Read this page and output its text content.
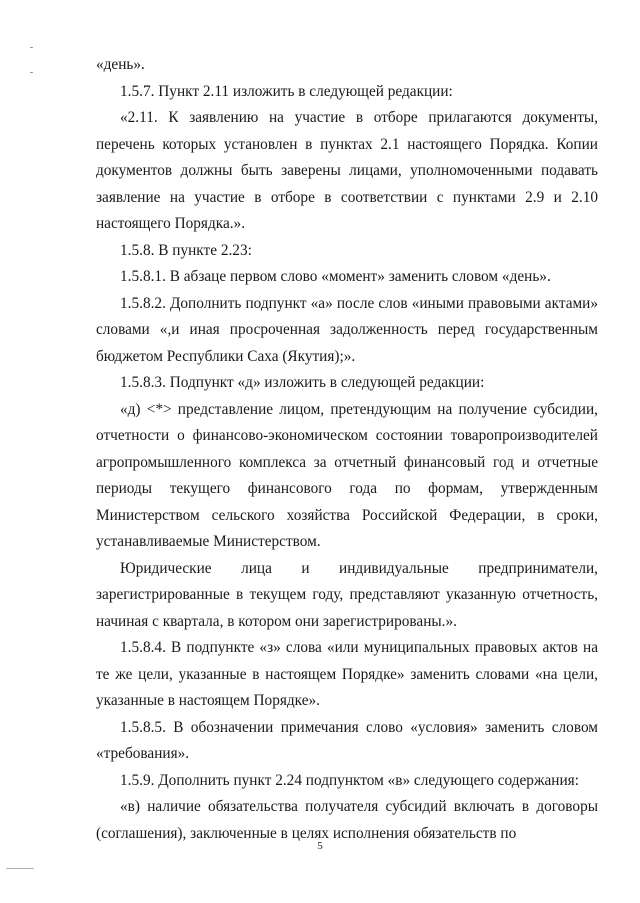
«день».

1.5.7. Пункт 2.11 изложить в следующей редакции:

«2.11. К заявлению на участие в отборе прилагаются документы, перечень которых установлен в пунктах 2.1 настоящего Порядка. Копии документов должны быть заверены лицами, уполномоченными подавать заявление на участие в отборе в соответствии с пунктами 2.9 и 2.10 настоящего Порядка.».

1.5.8. В пункте 2.23:

1.5.8.1. В абзаце первом слово «момент» заменить словом «день».

1.5.8.2. Дополнить подпункт «а» после слов «иными правовыми актами» словами «,и иная просроченная задолженность перед государственным бюджетом Республики Саха (Якутия);».

1.5.8.3. Подпункт «д» изложить в следующей редакции:

«д) <*> представление лицом, претендующим на получение субсидии, отчетности о финансово-экономическом состоянии товаропроизводителей агропромышленного комплекса за отчетный финансовый год и отчетные периоды текущего финансового года по формам, утвержденным Министерством сельского хозяйства Российской Федерации, в сроки, устанавливаемые Министерством.

Юридические лица и индивидуальные предприниматели, зарегистрированные в текущем году, представляют указанную отчетность, начиная с квартала, в котором они зарегистрированы.».

1.5.8.4. В подпункте «з» слова «или муниципальных правовых актов на те же цели, указанные в настоящем Порядке» заменить словами «на цели, указанные в настоящем Порядке».

1.5.8.5. В обозначении примечания слово «условия» заменить словом «требования».

1.5.9. Дополнить пункт 2.24 подпунктом «в» следующего содержания:

«в) наличие обязательства получателя субсидий включать в договоры (соглашения), заключенные в целях исполнения обязательств по

5
